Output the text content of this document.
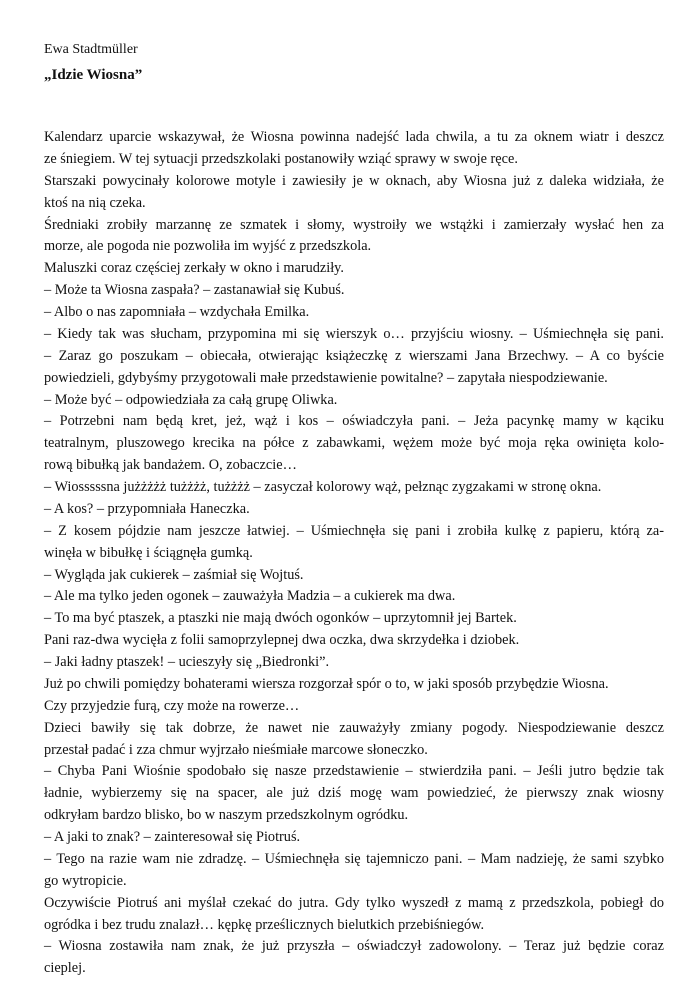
Ewa Stadtmüller
„Idzie Wiosna”
Kalendarz uparcie wskazywał, że Wiosna powinna nadejść lada chwila, a tu za oknem wiatr i deszcz
ze śniegiem. W tej sytuacji przedszkolaki postanowiły wziąć sprawy w swoje ręce.
Starszaki powycinały kolorowe motyle i zawiesiły je w oknach, aby Wiosna już z daleka widziała, że
ktoś na nią czeka.
Średniaki zrobiły marzannę ze szmatek i słomy, wystroiły we wstążki i zamierzały wysłać hen za
morze, ale pogoda nie pozwoliła im wyjść z przedszkola.
Maluszki coraz częściej zerkały w okno i marudziły.
– Może ta Wiosna zaspała? – zastanawiał się Kubuś.
– Albo o nas zapomniała – wzdychała Emilka.
– Kiedy tak was słucham, przypomina mi się wierszyk o… przyjściu wiosny. – Uśmiechnęła się pani.
– Zaraz go poszukam – obiecała, otwierając książeczkę z wierszami Jana Brzechwy. – A co byście
powiedzieli, gdybyśmy przygotowali małe przedstawienie powitalne? – zapytała niespodziewanie.
– Może być – odpowiedziała za całą grupę Oliwka.
– Potrzebni nam będą kret, jeż, wąż i kos – oświadczyła pani. – Jeża pacynkę mamy w kąciku
teatralnym, pluszowego krecika na półce z zabawkami, wężem może być moja ręka owinięta kolo-
rową bibułką jak bandażem. O, zobaczcie…
– Wiosssssna jużżżżż tużżżż, tużżżż – zasyczał kolorowy wąż, pełznąc zygzakami w stronę okna.
– A kos? – przypomniała Haneczka.
– Z kosem pójdzie nam jeszcze łatwiej. – Uśmiechnęła się pani i zrobiła kulkę z papieru, którą za-
winęła w bibułkę i ściągnęła gumką.
– Wygląda jak cukierek – zaśmiał się Wojtuś.
– Ale ma tylko jeden ogonek – zauważyła Madzia – a cukierek ma dwa.
– To ma być ptaszek, a ptaszki nie mają dwóch ogonków – uprzytomnił jej Bartek.
Pani raz-dwa wycięła z folii samoprzylepnej dwa oczka, dwa skrzydełka i dziobek.
– Jaki ładny ptaszek! – ucieszyły się „Biedronki”.
Już po chwili pomiędzy bohaterami wiersza rozgorzał spór o to, w jaki sposób przybędzie Wiosna.
Czy przyjedzie furą, czy może na rowerze…
Dzieci bawiły się tak dobrze, że nawet nie zauważyły zmiany pogody. Niespodziewanie deszcz
przestał padać i zza chmur wyjrzało nieśmiałe marcowe słoneczko.
– Chyba Pani Wiośnie spodobało się nasze przedstawienie – stwierdziła pani. – Jeśli jutro będzie tak
ładnie, wybierzemy się na spacer, ale już dziś mogę wam powiedzieć, że pierwszy znak wiosny
odkryłam bardzo blisko, bo w naszym przedszkolnym ogródku.
– A jaki to znak? – zainteresował się Piotruś.
– Tego na razie wam nie zdradzę. – Uśmiechnęła się tajemniczo pani. – Mam nadzieję, że sami szybko
go wytropicie.
Oczywiście Piotruś ani myślał czekać do jutra. Gdy tylko wyszedł z mamą z przedszkola, pobiegł do
ogródka i bez trudu znalazł… kępkę prześlicznych bielutkich przebiśniegów.
– Wiosna zostawiła nam znak, że już przyszła – oświadczył zadowolony. – Teraz już będzie coraz
cieplej.
